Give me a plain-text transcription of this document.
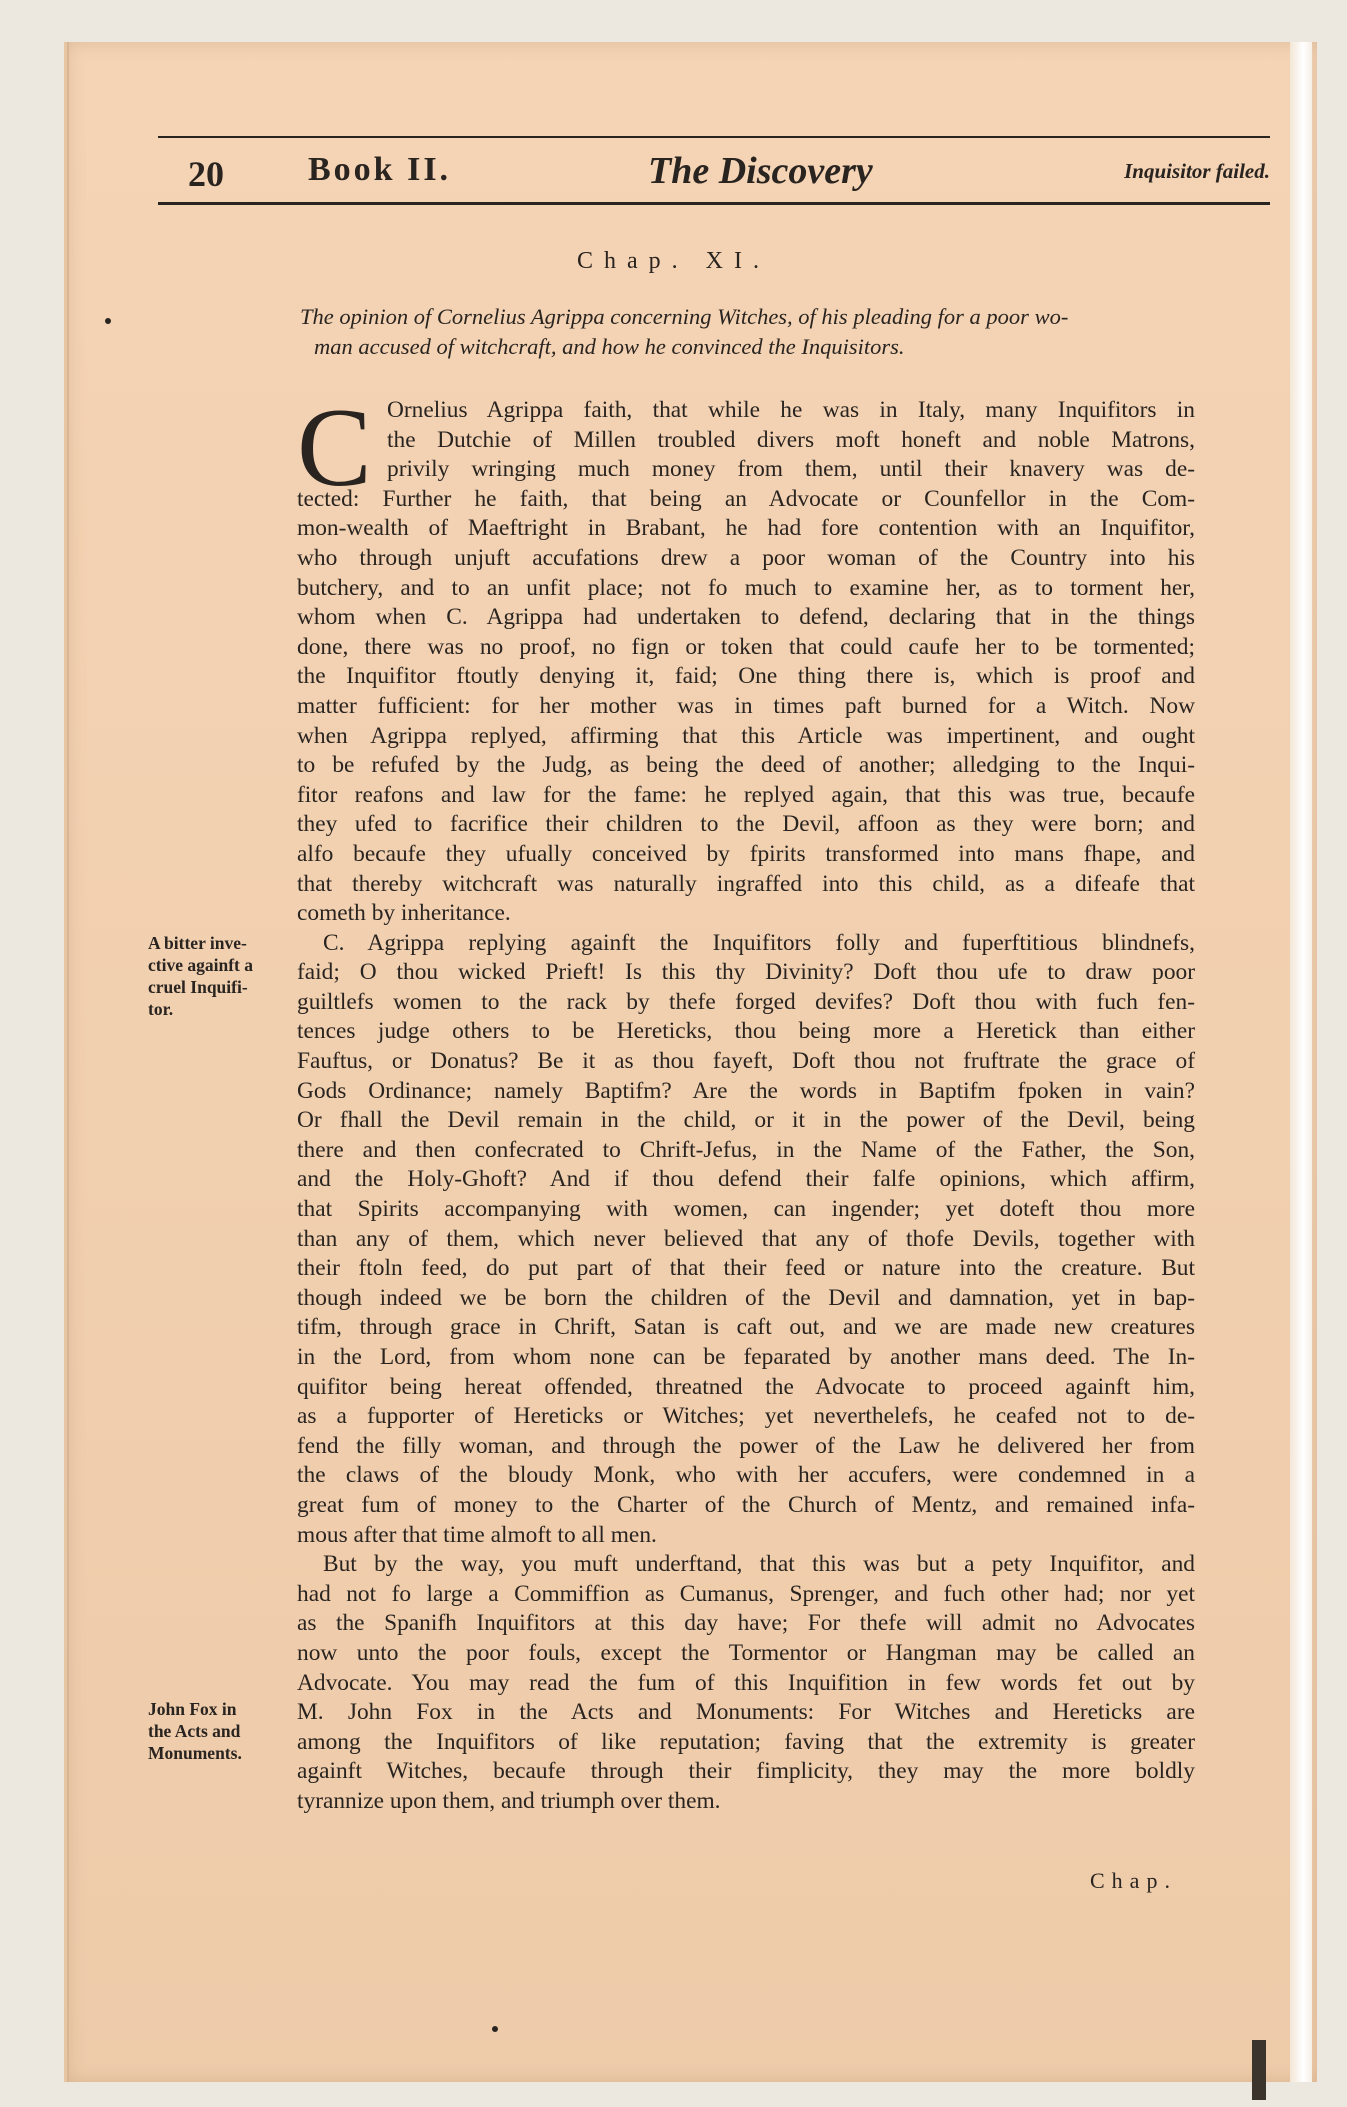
20 Book II.	The Discovery	Inquisitor failed.
Chap. XI.
The opinion of Cornelius Agrippa concerning Witches, of his pleading for a poor wo-
man accused of witchcraft, and how he convinced the Inquisitors.
C Ornelius Agrippa faith, that while he was in Italy, many Inquifitors in
the Dutchie of Millen troubled divers moft honeft and noble Matrons,
privily wringing much money from them, until their knavery was de-
tected: Further he faith, that being an Advocate or Counfellor in the Com-
mon-wealth of Maeftright in Brabant, he had fore contention with an Inquifitor,
who through unjuft accufations drew a poor woman of the Country into his
butchery, and to an unfit place; not fo much to examine her, as to torment her,
whom when C. Agrippa had undertaken to defend, declaring that in the things
done, there was no proof, no fign or token that could caufe her to be tormented;
the Inquifitor ftoutly denying it, faid; One thing there is, which is proof and
matter fufficient: for her mother was in times paft burned for a Witch. Now
when Agrippa replyed, affirming that this Article was impertinent, and ought
to be refufed by the Judg, as being the deed of another; alledging to the Inqui-
fitor reafons and law for the fame: he replyed again, that this was true, becaufe
they ufed to facrifice their children to the Devil, affoon as they were born; and
alfo becaufe they ufually conceived by fpirits transformed into mans fhape, and
that thereby witchcraft was naturally ingraffed into this child, as a difeafe that
cometh by inheritance.
C. Agrippa replying againft the Inquifitors folly and fuperftitious blindnefs,
faid; O thou wicked Prieft! Is this thy Divinity? Doft thou ufe to draw poor
guiltlefs women to the rack by thefe forged devifes? Doft thou with fuch fen-
tences judge others to be Hereticks, thou being more a Heretick than either
Fauftus, or Donatus? Be it as thou fayeft, Doft thou not fruftrate the grace of
Gods Ordinance; namely Baptifm? Are the words in Baptifm fpoken in vain?
Or fhall the Devil remain in the child, or it in the power of the Devil, being
there and then confecrated to Chrift-Jefus, in the Name of the Father, the Son,
and the Holy-Ghoft? And if thou defend their falfe opinions, which affirm,
that Spirits accompanying with women, can ingender; yet doteft thou more
than any of them, which never believed that any of thofe Devils, together with
their ftoln feed, do put part of that their feed or nature into the creature. But
though indeed we be born the children of the Devil and damnation, yet in bap-
tifm, through grace in Chrift, Satan is caft out, and we are made new creatures
in the Lord, from whom none can be feparated by another mans deed. The In-
quifitor being hereat offended, threatned the Advocate to proceed againft him,
as a fupporter of Hereticks or Witches; yet neverthelefs, he ceafed not to de-
fend the filly woman, and through the power of the Law he delivered her from
the claws of the bloudy Monk, who with her accufers, were condemned in a
great fum of money to the Charter of the Church of Mentz, and remained infa-
mous after that time almoft to all men.
But by the way, you muft underftand, that this was but a pety Inquifitor, and
had not fo large a Commiffion as Cumanus, Sprenger, and fuch other had; nor yet
as the Spanifh Inquifitors at this day have; For thefe will admit no Advocates
now unto the poor fouls, except the Tormentor or Hangman may be called an
Advocate. You may read the fum of this Inquifition in few words fet out by
M. John Fox in the Acts and Monuments: For Witches and Hereticks are
among the Inquifitors of like reputation; faving that the extremity is greater
againft Witches, becaufe through their fimplicity, they may the more boldly
tyrannize upon them, and triumph over them.
A bitter inve-
ctive againft a
cruel Inquifi-
tor.
John Fox in
the Acts and
Monuments.
Chap.
